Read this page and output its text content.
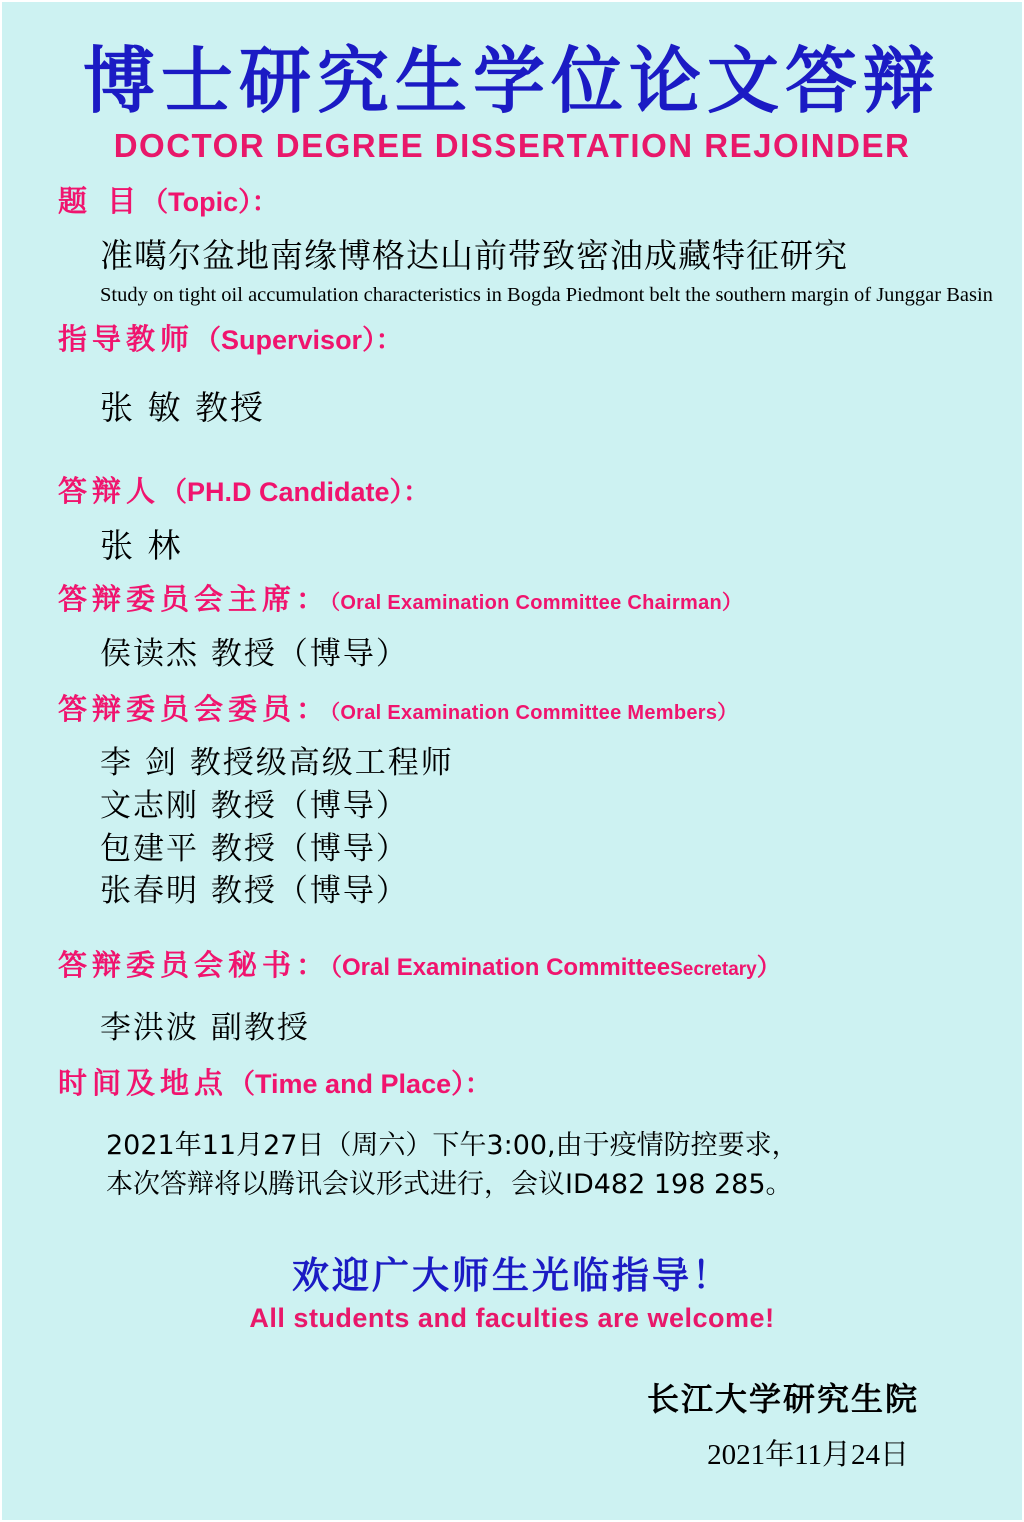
博士研究生学位论文答辩
DOCTOR DEGREE DISSERTATION REJOINDER
题 目（Topic）：
准噶尔盆地南缘博格达山前带致密油成藏特征研究
Study on tight oil accumulation characteristics in Bogda Piedmont belt the southern margin of Junggar Basin
指导教师（Supervisor）：
张 敏 教授
答辩人（PH.D Candidate）：
张 林
答辩委员会主席：（Oral Examination Committee Chairman）
侯读杰 教授（博导）
答辩委员会委员：（Oral Examination Committee Members）
李 剑 教授级高级工程师
文志刚 教授（博导）
包建平 教授（博导）
张春明 教授（博导）
答辩委员会秘书：（Oral Examination CommitteeSecretary）
李洪波 副教授
时间及地点（Time and Place）：
2021年11月27日（周六）下午3:00,由于疫情防控要求，
本次答辩将以腾讯会议形式进行，会议ID482 198 285。
欢迎广大师生光临指导！
All students and faculties are welcome!
长江大学研究生院
2021年11月24日
